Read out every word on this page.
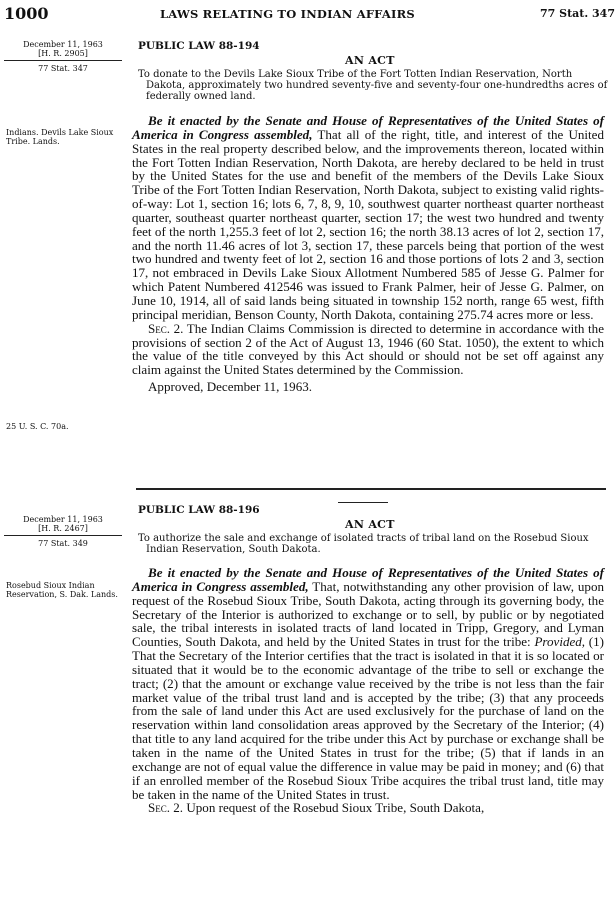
1000	LAWS RELATING TO INDIAN AFFAIRS	77 Stat. 347
December 11, 1963
[H. R. 2905]
77 Stat. 347
Indians. Devils Lake Sioux Tribe. Lands.
25 U. S. C. 70a.
PUBLIC LAW 88-194
AN ACT
To donate to the Devils Lake Sioux Tribe of the Fort Totten Indian Reservation, North Dakota, approximately two hundred seventy-five and seventy-four one-hundredths acres of federally owned land.

Be it enacted by the Senate and House of Representatives of the United States of America in Congress assembled, That all of the right, title, and interest of the United States in the real property described below, and the improvements thereon, located within the Fort Totten Indian Reservation, North Dakota, are hereby declared to be held in trust by the United States for the use and benefit of the members of the Devils Lake Sioux Tribe of the Fort Totten Indian Reservation, North Dakota, subject to existing valid rights-of-way: Lot 1, section 16; lots 6, 7, 8, 9, 10, southwest quarter northeast quarter northeast quarter, southeast quarter northeast quarter, section 17; the west two hundred and twenty feet of the north 1,255.3 feet of lot 2, section 16; the north 38.13 acres of lot 2, section 17, and the north 11.46 acres of lot 3, section 17, these parcels being that portion of the west two hundred and twenty feet of lot 2, section 16 and those portions of lots 2 and 3, section 17, not embraced in Devils Lake Sioux Allotment Numbered 585 of Jesse G. Palmer for which Patent Numbered 412546 was issued to Frank Palmer, heir of Jesse G. Palmer, on June 10, 1914, all of said lands being situated in township 152 north, range 65 west, fifth principal meridian, Benson County, North Dakota, containing 275.74 acres more or less.

Sec. 2. The Indian Claims Commission is directed to determine in accordance with the provisions of section 2 of the Act of August 13, 1946 (60 Stat. 1050), the extent to which the value of the title conveyed by this Act should or should not be set off against any claim against the United States determined by the Commission.

Approved, December 11, 1963.

December 11, 1963
[H. R. 2467]
77 Stat. 349
Rosebud Sioux Indian Reservation, S. Dak. Lands.
PUBLIC LAW 88-196
AN ACT
To authorize the sale and exchange of isolated tracts of tribal land on the Rosebud Sioux Indian Reservation, South Dakota.

Be it enacted by the Senate and House of Representatives of the United States of America in Congress assembled, That, notwithstanding any other provision of law, upon request of the Rosebud Sioux Tribe, South Dakota, acting through its governing body, the Secretary of the Interior is authorized to exchange or to sell, by public or by negotiated sale, the tribal interests in isolated tracts of land located in Tripp, Gregory, and Lyman Counties, South Dakota, and held by the United States in trust for the tribe: Provided, (1) That the Secretary of the Interior certifies that the tract is isolated in that it is so located or situated that it would be to the economic advantage of the tribe to sell or exchange the tract; (2) that the amount or exchange value received by the tribe is not less than the fair market value of the tribal trust land and is accepted by the tribe; (3) that any proceeds from the sale of land under this Act are used exclusively for the purchase of land on the reservation within land consolidation areas approved by the Secretary of the Interior; (4) that title to any land acquired for the tribe under this Act by purchase or exchange shall be taken in the name of the United States in trust for the tribe; (5) that if lands in an exchange are not of equal value the difference in value may be paid in money; and (6) that if an enrolled member of the Rosebud Sioux Tribe acquires the tribal trust land, title may be taken in the name of the United States in trust.

Sec. 2. Upon request of the Rosebud Sioux Tribe, South Dakota,
